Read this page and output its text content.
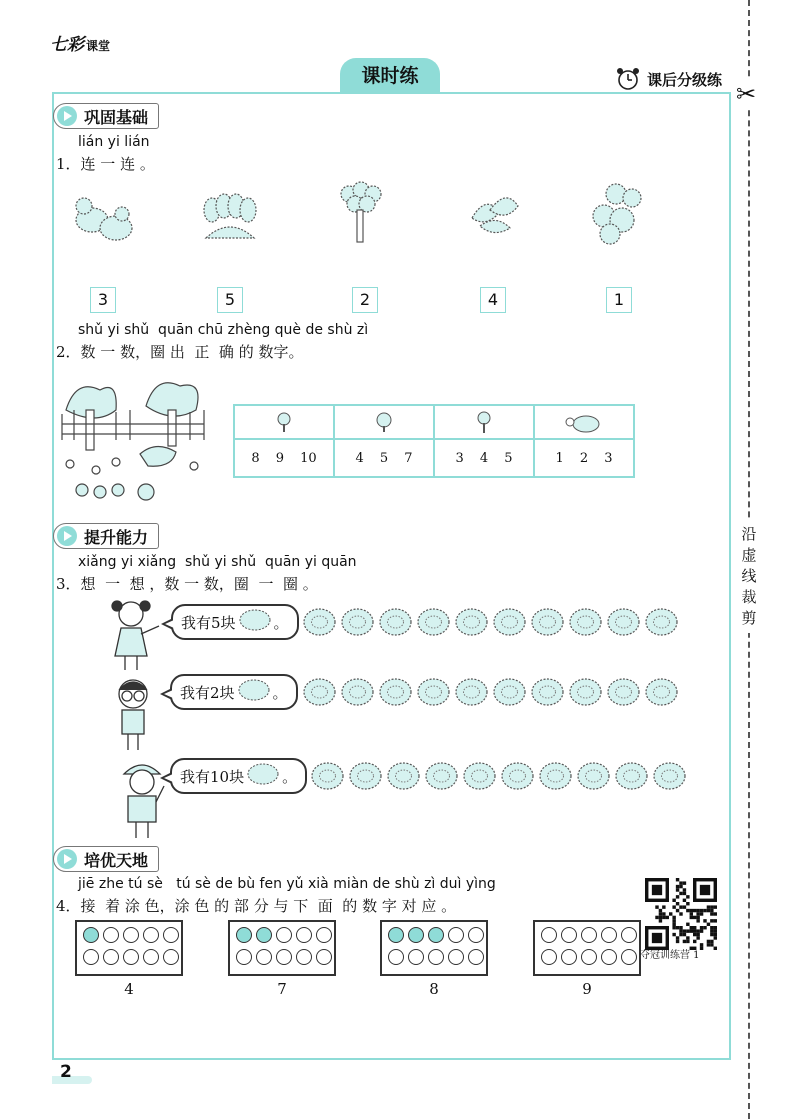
七彩 课堂
课时练	课后分级练
✂
沿虚线裁剪
巩固基础
lián yi lián
1．连 一 连 。
3	5	2	4	1
shǔ yi shǔ  quān chū zhèng què de shù zì
2．数 一 数，圈 出  正  确 的 数字。
8 9 10	4 5 7	3 4 5	1 2 3
提升能力
xiǎng yi xiǎng  shǔ yi shǔ  quān yi quān
3．想  一  想 ，数 一 数，圈  一  圈 。
我有5块	。
我有2块	。
我有10块	。
培优天地
jiē zhe tú sè   tú sè de bù fen yǔ xià miàn de shù zì duì yìng
4．接  着 涂 色，涂 色 的 部 分 与 下  面  的 数 字 对 应 。
4	7	8	9
夺冠训练营 1
2
